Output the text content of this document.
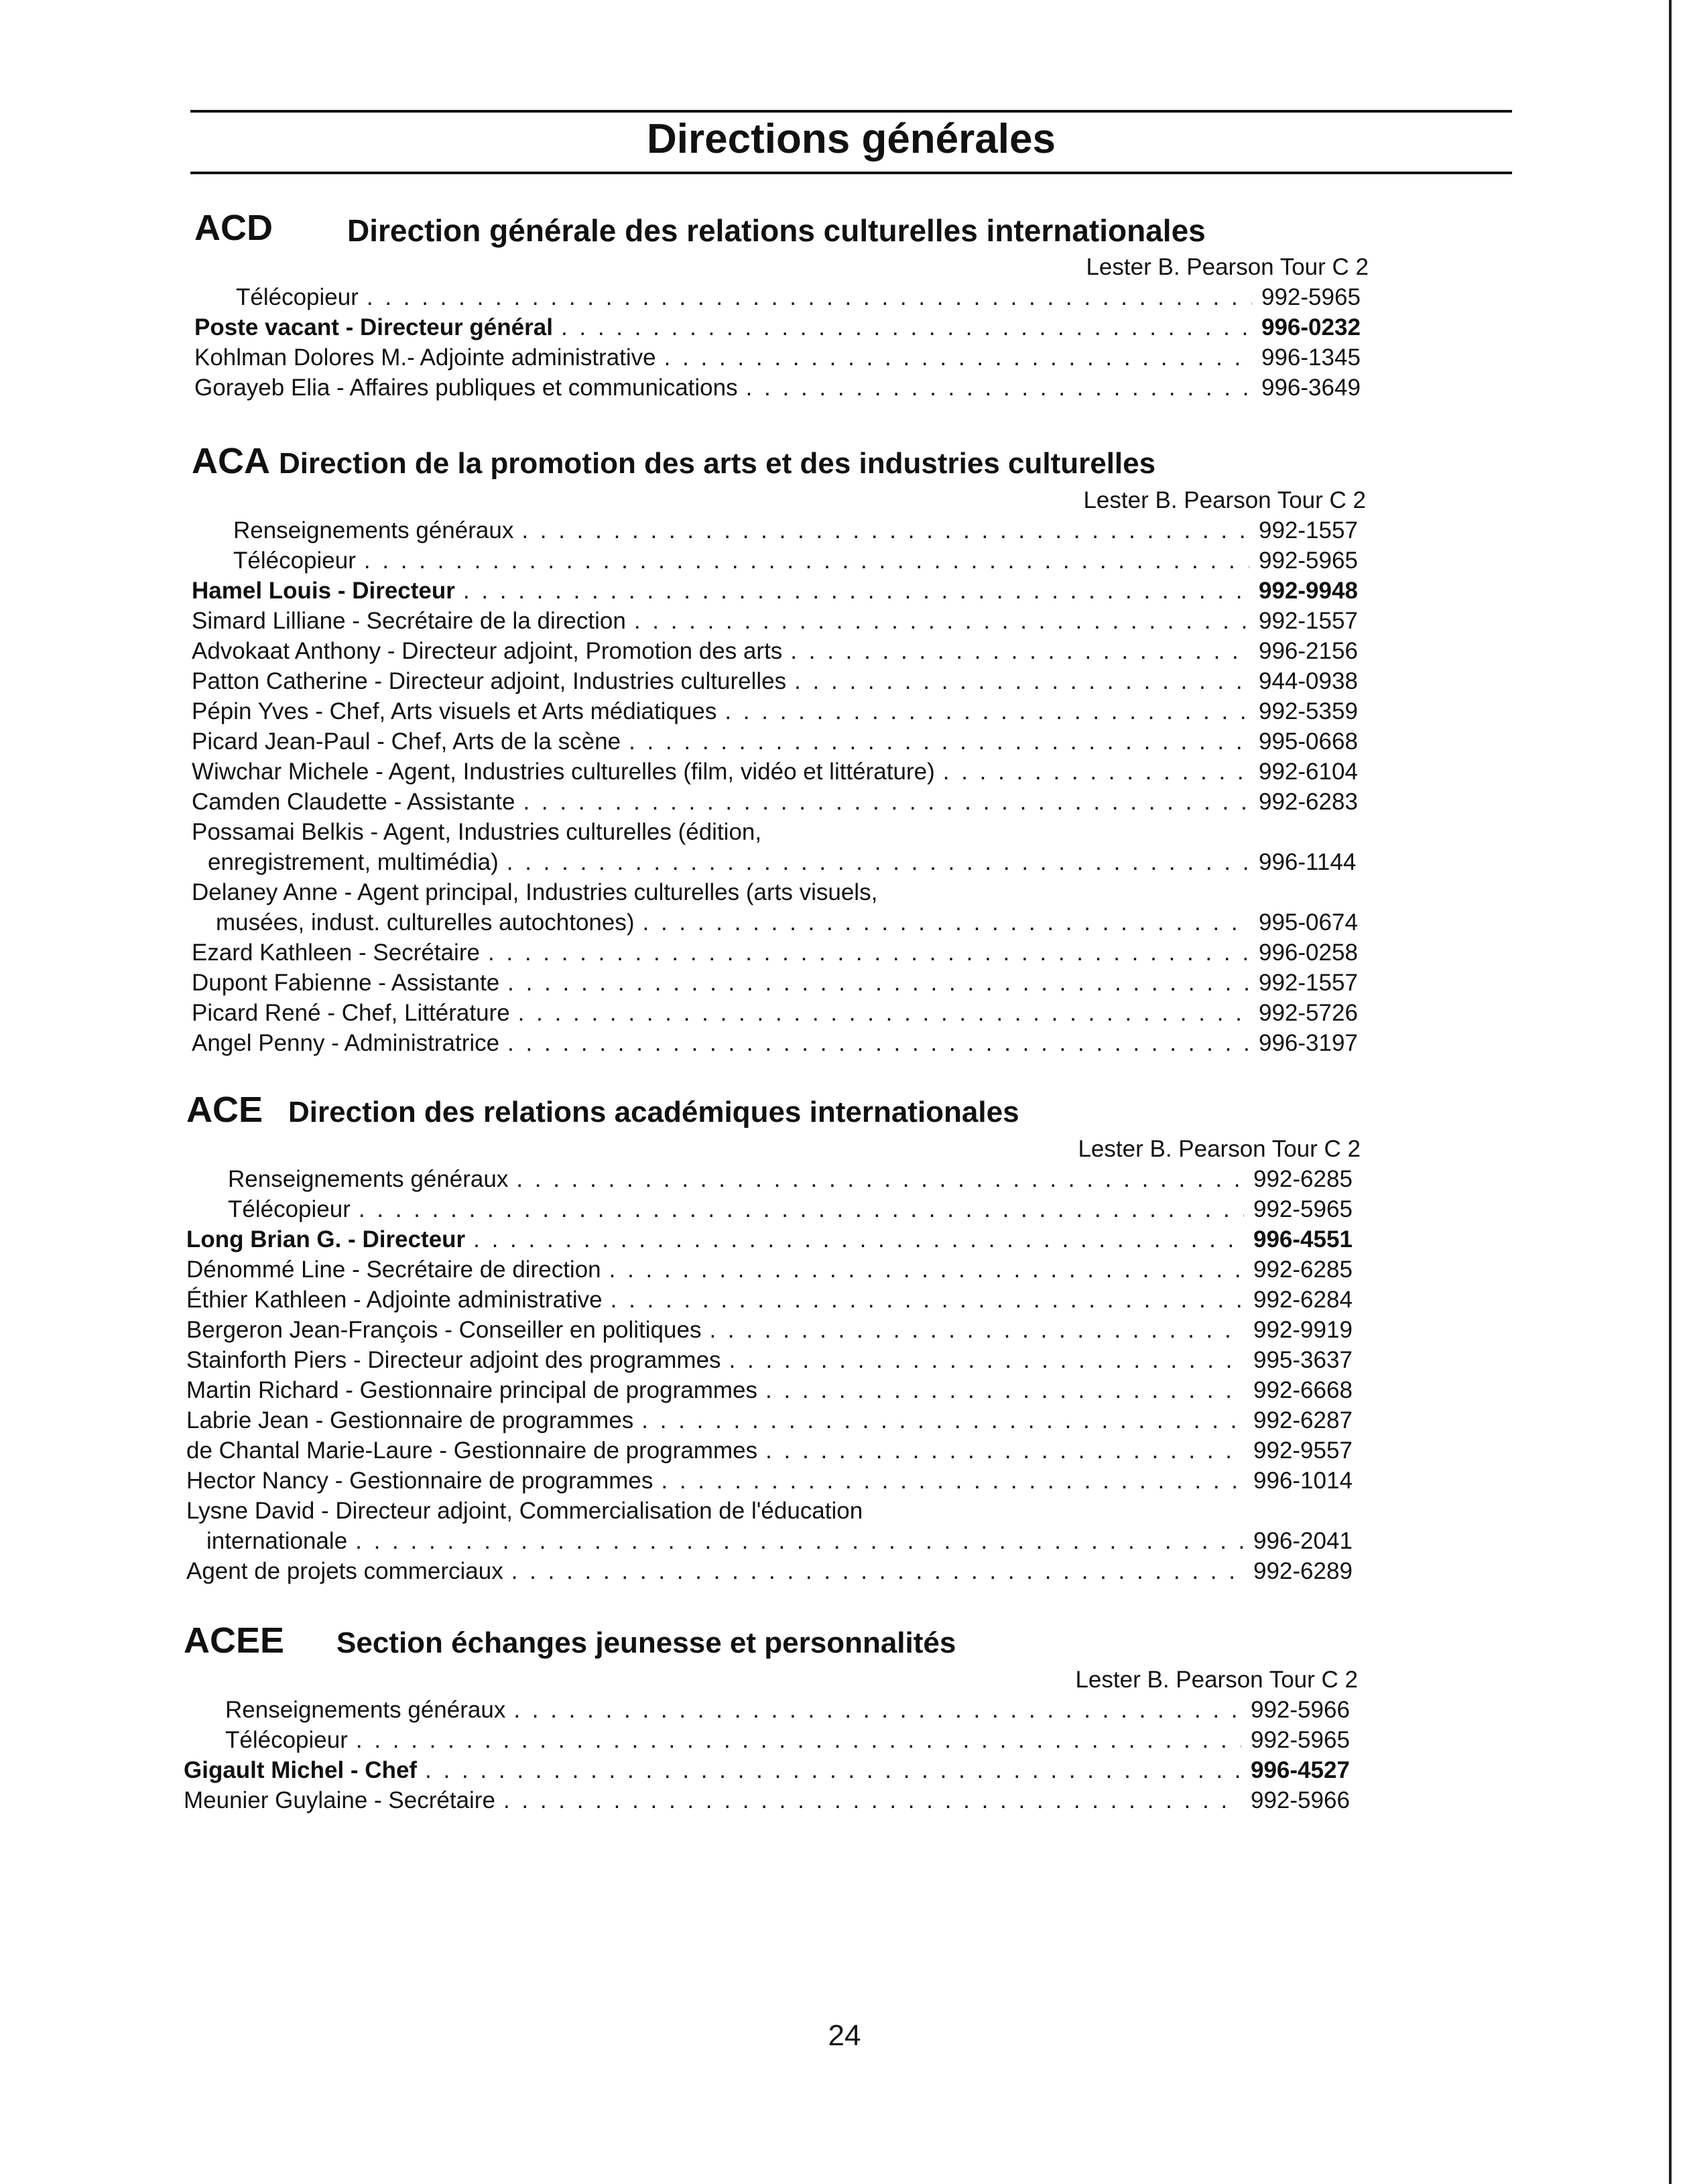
Directions générales
ACD Direction générale des relations culturelles internationales
Lester B. Pearson Tour C 2
Télécopieur . . .	992-5965
Poste vacant - Directeur général . . .	996-0232
Kohlman Dolores M.- Adjointe administrative . . .	996-1345
Gorayeb Elia - Affaires publiques et communications . . .	996-3649
ACA Direction de la promotion des arts et des industries culturelles
Lester B. Pearson Tour C 2
Renseignements généraux . . .	992-1557
Télécopieur . . .	992-5965
Hamel Louis - Directeur . . .	992-9948
Simard Lilliane - Secrétaire de la direction . . .	992-1557
Advokaat Anthony - Directeur adjoint, Promotion des arts . . .	996-2156
Patton Catherine - Directeur adjoint, Industries culturelles . . .	944-0938
Pépin Yves - Chef, Arts visuels et Arts médiatiques . . .	992-5359
Picard Jean-Paul - Chef, Arts de la scène . . .	995-0668
Wiwchar Michele - Agent, Industries culturelles (film, vidéo et littérature) . . .	992-6104
Camden Claudette - Assistante . . .	992-6283
Possamai Belkis - Agent, Industries culturelles (édition,
enregistrement, multimédia) . . .	996-1144
Delaney Anne - Agent principal, Industries culturelles (arts visuels,
musées, indust. culturelles autochtones) . . .	995-0674
Ezard Kathleen - Secrétaire . . .	996-0258
Dupont Fabienne - Assistante . . .	992-1557
Picard René - Chef, Littérature . . .	992-5726
Angel Penny - Administratrice . . .	996-3197
ACE Direction des relations académiques internationales
Lester B. Pearson Tour C 2
Renseignements généraux . . .	992-6285
Télécopieur . . .	992-5965
Long Brian G. - Directeur . . .	996-4551
Dénommé Line - Secrétaire de direction . . .	992-6285
Éthier Kathleen - Adjointe administrative . . .	992-6284
Bergeron Jean-François - Conseiller en politiques . . .	992-9919
Stainforth Piers - Directeur adjoint des programmes . . .	995-3637
Martin Richard - Gestionnaire principal de programmes . . .	992-6668
Labrie Jean - Gestionnaire de programmes . . .	992-6287
de Chantal Marie-Laure - Gestionnaire de programmes . . .	992-9557
Hector Nancy - Gestionnaire de programmes . . .	996-1014
Lysne David - Directeur adjoint, Commercialisation de l'éducation
internationale . . .	996-2041
Agent de projets commerciaux . . .	992-6289
ACEE Section échanges jeunesse et personnalités
Lester B. Pearson Tour C 2
Renseignements généraux . . .	992-5966
Télécopieur . . .	992-5965
Gigault Michel - Chef . . .	996-4527
Meunier Guylaine - Secrétaire . . .	992-5966
24
